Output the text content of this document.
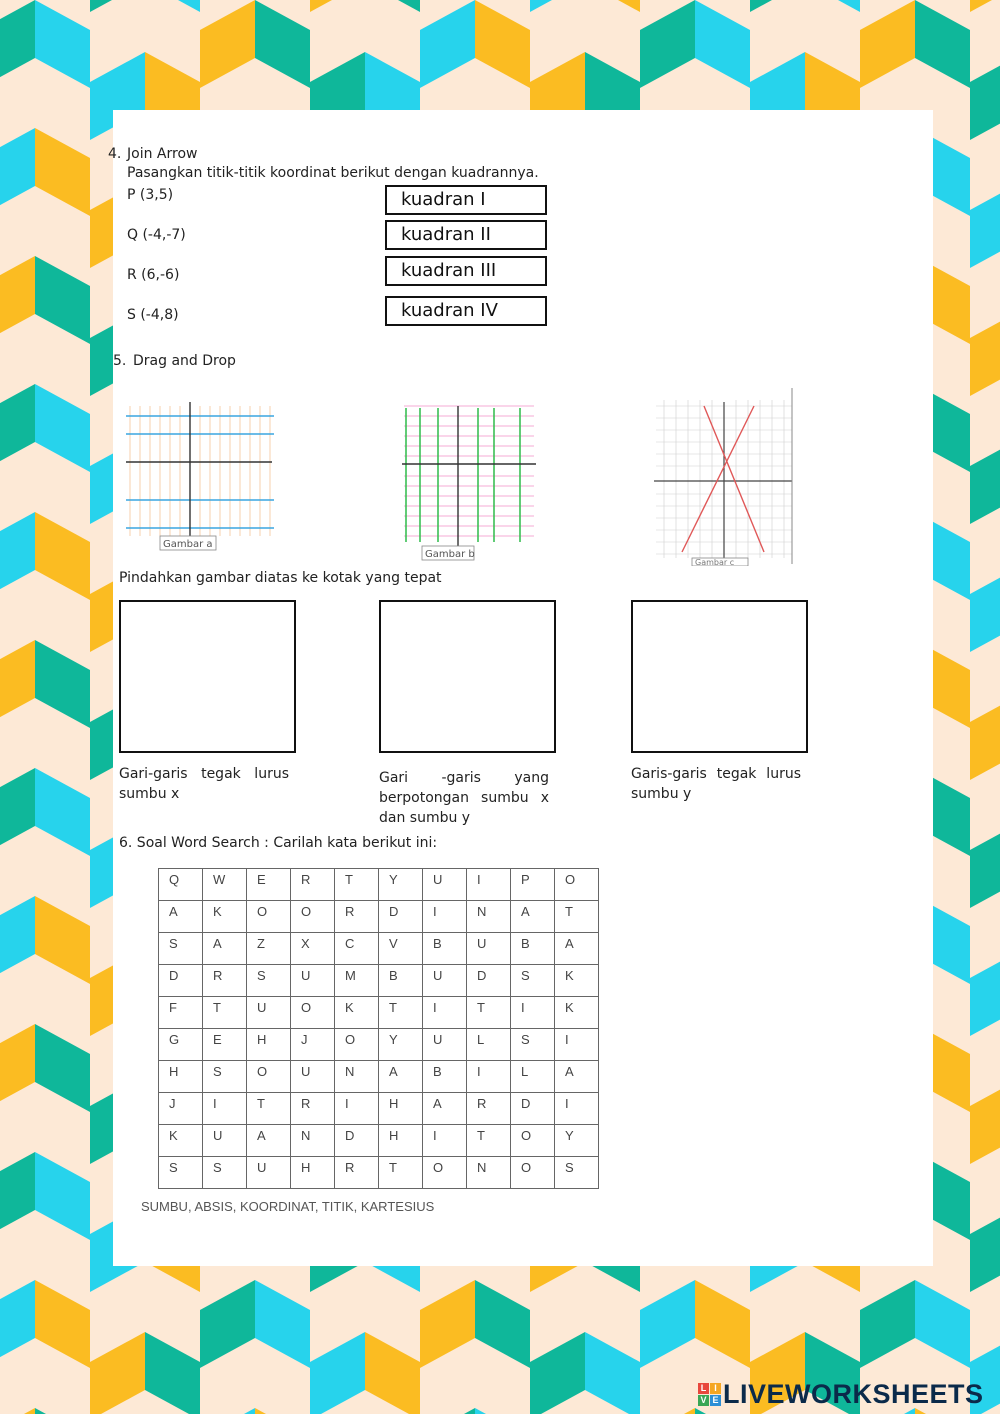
4. Join Arrow
Pasangkan titik-titik koordinat berikut dengan kuadrannya.
P (3,5)
Q (-4,-7)
R (6,-6)
S (-4,8)
kuadran I
kuadran II
kuadran III
kuadran IV
5. Drag and Drop
Gambar a
Gambar b
Gambar c
Pindahkan gambar diatas ke kotak yang tepat
Gari-garis tegak lurus sumbu x
Gari -garis yang berpotongan sumbu x dan sumbu y
Garis-garis tegak lurus sumbu y
6. Soal Word Search : Carilah kata berikut ini:
Q	W	E	R	T	Y	U	I	P	O
A	K	O	O	R	D	I	N	A	T
S	A	Z	X	C	V	B	U	B	A
D	R	S	U	M	B	U	D	S	K
F	T	U	O	K	T	I	T	I	K
G	E	H	J	O	Y	U	L	S	I
H	S	O	U	N	A	B	I	L	A
J	I	T	R	I	H	A	R	D	I
K	U	A	N	D	H	I	T	O	Y
S	S	U	H	R	T	O	N	O	S
SUMBU, ABSIS, KOORDINAT, TITIK, KARTESIUS
L I
V E LIVEWORKSHEETS
